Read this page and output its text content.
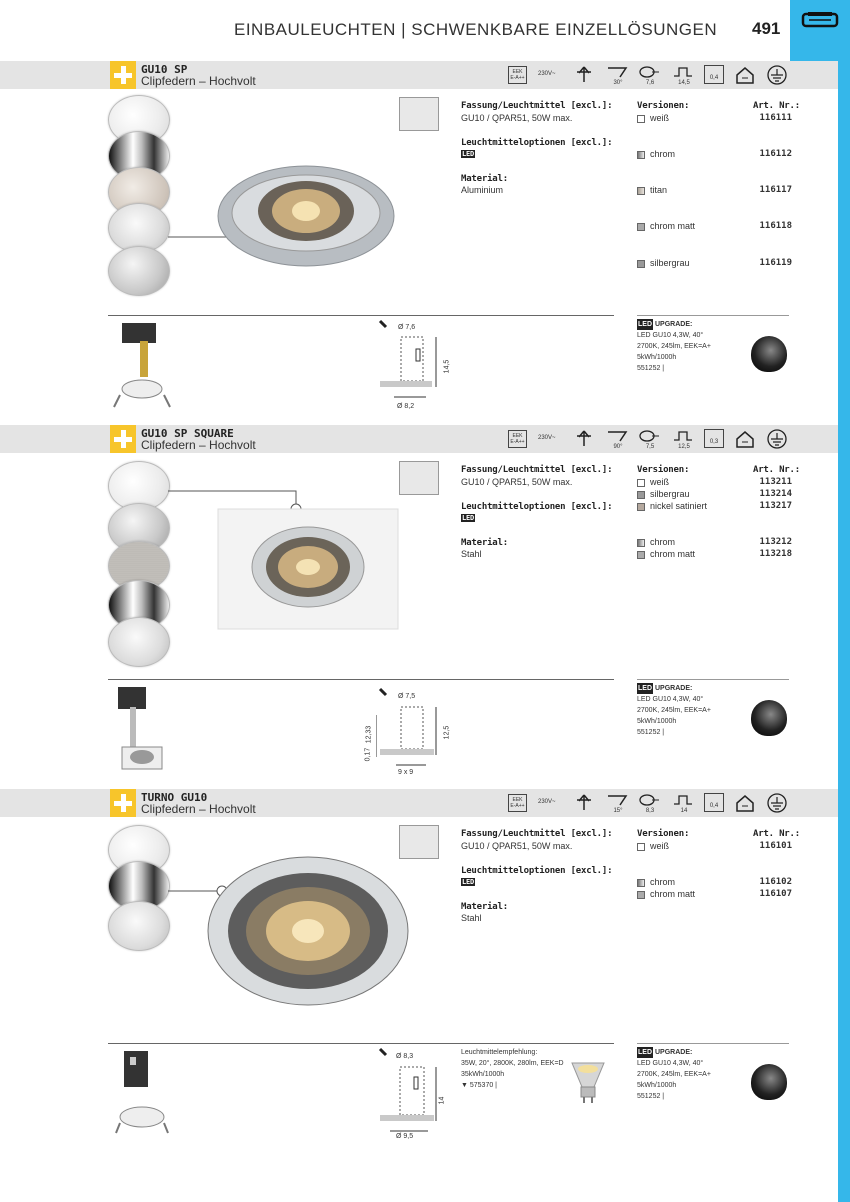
EINBAULEUCHTEN | SCHWENKBARE EINZELLÖSUNGEN 491
GU10 SP
Clipfedern – Hochvolt
EEK
E-A++
230V~
30°	7,6	14,5
0,4
Fassung/Leuchtmittel [excl.]:
GU10 / QPAR51, 50W max.
Leuchtmitteloptionen [excl.]:
LED
Material:
Aluminium
Versionen:	Art. Nr.:
weiß	116111
chrom	116112
titan	116117
chrom matt	116118
silbergrau	116119
Ø 7,6
14,5
Ø 8,2
LED UPGRADE:
LED GU10 4,3W, 40°
2700K, 245lm, EEK=A+
5kWh/1000h
551252 |
GU10 SP SQUARE
Clipfedern – Hochvolt
EEK
E-A++
230V~
90°	7,5	12,5
0,3
Fassung/Leuchtmittel [excl.]:
GU10 / QPAR51, 50W max.
Leuchtmitteloptionen [excl.]:
LED
Material:
Stahl
Versionen:	Art. Nr.:
weiß	113211
silbergrau	113214
nickel satiniert	113217
chrom	113212
chrom matt	113218
Ø 7,5
12,5
12,33
0,17
9 x 9
LED UPGRADE:
LED GU10 4,3W, 40°
2700K, 245lm, EEK=A+
5kWh/1000h
551252 |
TURNO GU10
Clipfedern – Hochvolt
EEK
E-A++
230V~
15°	8,3	14
0,4
Fassung/Leuchtmittel [excl.]:
GU10 / QPAR51, 50W max.
Leuchtmitteloptionen [excl.]:
LED
Material:
Stahl
Versionen:	Art. Nr.:
weiß	116101
chrom	116102
chrom matt	116107
Ø 8,3
14
Ø 9,5
Leuchtmittelempfehlung:
35W, 20°, 2800K, 280lm, EEK=D
35kWh/1000h
▼ 575370 |
LED UPGRADE:
LED GU10 4,3W, 40°
2700K, 245lm, EEK=A+
5kWh/1000h
551252 |
